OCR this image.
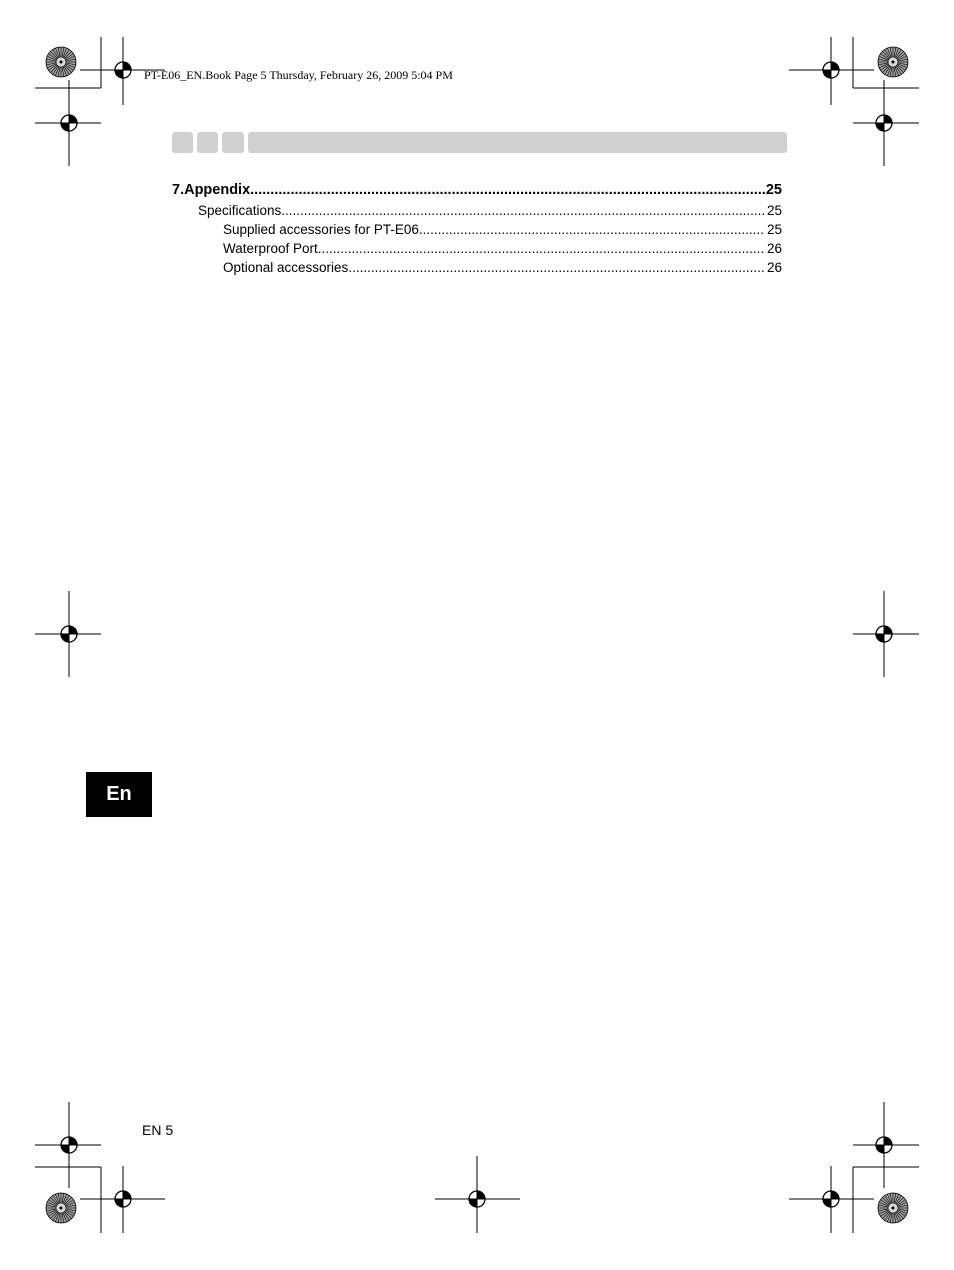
PT-E06_EN.Book Page 5 Thursday, February 26, 2009 5:04 PM
7.Appendix .....	25
Specifications .....	25
Supplied accessories for PT-E06 .....	25
Waterproof Port .....	26
Optional accessories .....	26
En
EN 5
